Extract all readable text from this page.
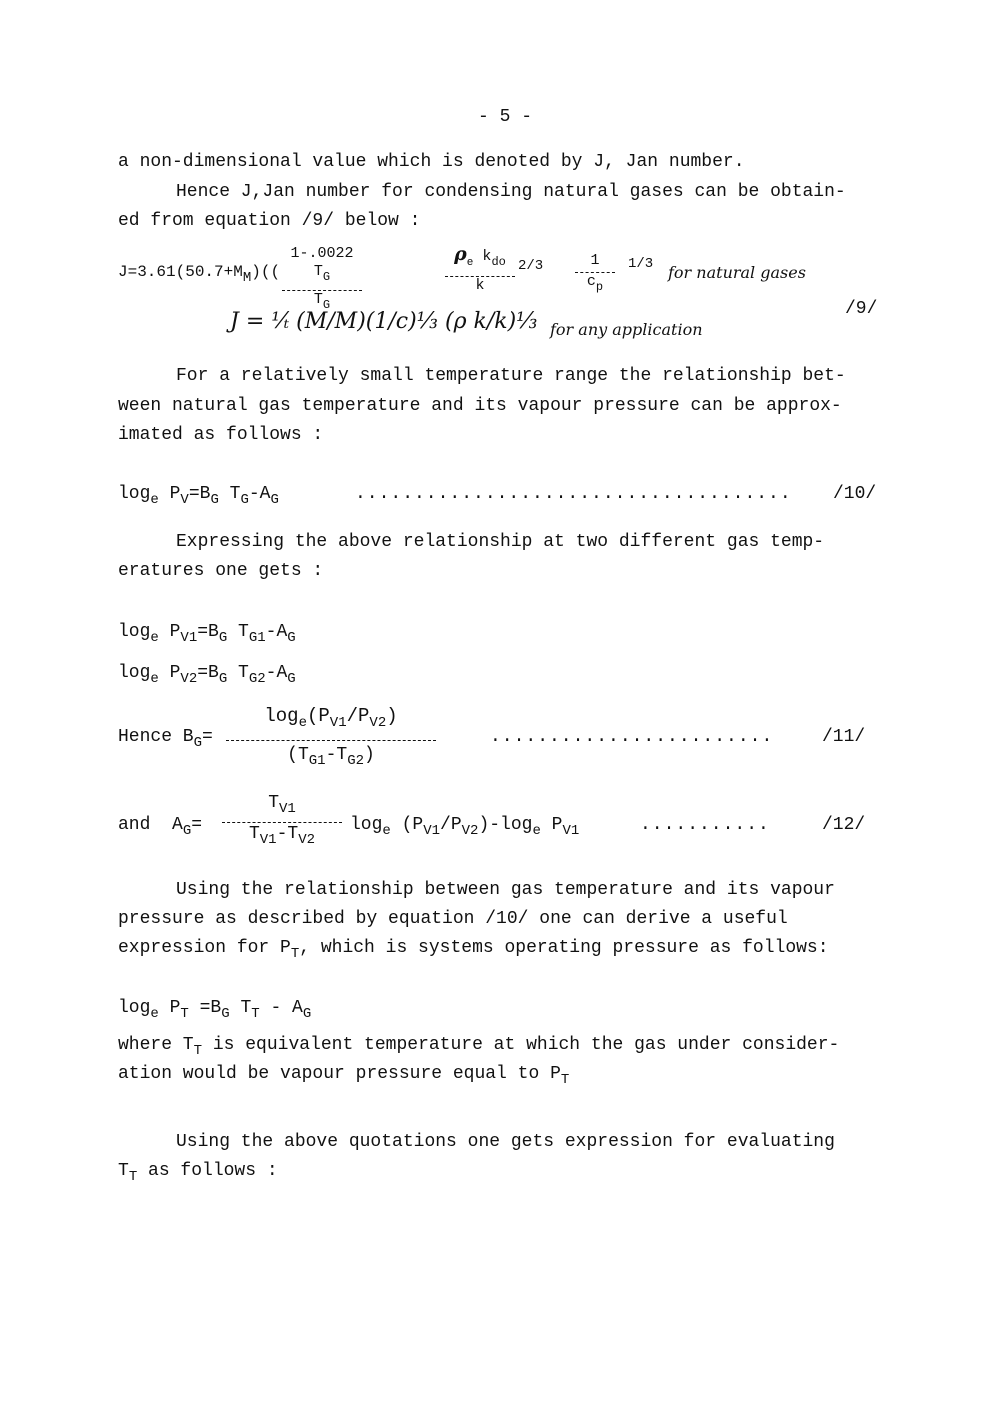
- 5 -
a non-dimensional value which is denoted by J, Jan number.
Hence J,Jan number for condensing natural gases can be obtain-
ed from equation /9/ below :
$J=3.61(50.7+MM)(( \frac{1-.0022 T_G}{T_G}$	$\rho_e$ $k_{do}$
k
$2/3 \frac{1}{c_p} 1/3$ for natural gases
/9/
J = ⅟ₜ (M/M)(1/c)⅓ (ρ k/k)⅓ for any application
For a relatively small temperature range the relationship bet-
ween natural gas temperature and its vapour pressure can be approx-
imated as follows :
$\log_e P_V=B_G$ $T_G-A_G$	..................................... /10/
Expressing the above relationship at two different gas temp-
eratures one gets :
$\log_e P_{V1}=B_G$ $T_{G1}-A_G$
$\log_e P_{V2}=B_G$ $T_{G2}-A_G$
Hence $B_G= \frac{\log_e(P_{V1}/P_{V2})}{(T_{G1}-T_{G2})}$	........................	/11/
and $A_G= \frac{T_{V1}}{T_{V1}-T_{V2}} \log_e (P_{V1}/P_{V2})-\log_e$ $P_{V1}$	...........	/12/
Using the relationship between gas temperature and its vapour
pressure as described by equation /10/ one can derive a useful
expression for $P_T$, which is systems operating pressure as follows:
$\log_e P_T =B_G$ $T_T - A_G$
where $T_T$ is equivalent temperature at which the gas under consider-
ation would be vapour pressure equal to $P_T$
Using the above quotations one gets expression for evaluating
$T_T$ as follows :
